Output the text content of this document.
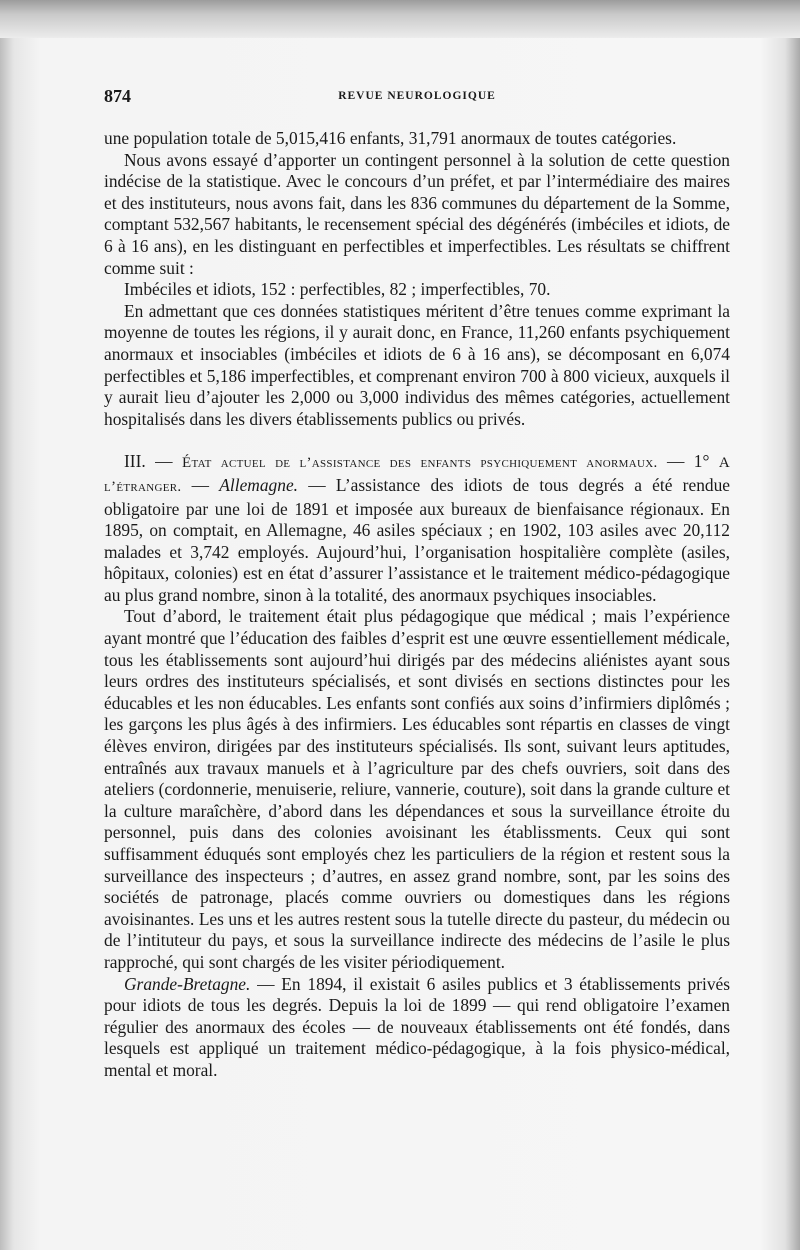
874	REVUE NEUROLOGIQUE

une population totale de 5,015,416 enfants, 31,791 anormaux de toutes catégories.

Nous avons essayé d’apporter un contingent personnel à la solution de cette question indécise de la statistique. Avec le concours d’un préfet, et par l’intermédiaire des maires et des instituteurs, nous avons fait, dans les 836 communes du département de la Somme, comptant 532,567 habitants, le recensement spécial des dégénérés (imbéciles et idiots, de 6 à 16 ans), en les distinguant en perfectibles et imperfectibles. Les résultats se chiffrent comme suit :

Imbéciles et idiots, 152 : perfectibles, 82 ; imperfectibles, 70.

En admettant que ces données statistiques méritent d’être tenues comme exprimant la moyenne de toutes les régions, il y aurait donc, en France, 11,260 enfants psychiquement anormaux et insociables (imbéciles et idiots de 6 à 16 ans), se décomposant en 6,074 perfectibles et 5,186 imperfectibles, et comprenant environ 700 à 800 vicieux, auxquels il y aurait lieu d’ajouter les 2,000 ou 3,000 individus des mêmes catégories, actuellement hospitalisés dans les divers établissements publics ou privés.

III. — État actuel de l’assistance des enfants psychiquement anormaux. — 1° A l’étranger. — Allemagne. — L’assistance des idiots de tous degrés a été rendue obligatoire par une loi de 1891 et imposée aux bureaux de bienfaisance régionaux. En 1895, on comptait, en Allemagne, 46 asiles spéciaux ; en 1902, 103 asiles avec 20,112 malades et 3,742 employés. Aujourd’hui, l’organisation hospitalière complète (asiles, hôpitaux, colonies) est en état d’assurer l’assistance et le traitement médico-pédagogique au plus grand nombre, sinon à la totalité, des anormaux psychiques insociables.

Tout d’abord, le traitement était plus pédagogique que médical ; mais l’expérience ayant montré que l’éducation des faibles d’esprit est une œuvre essentiellement médicale, tous les établissements sont aujourd’hui dirigés par des médecins aliénistes ayant sous leurs ordres des instituteurs spécialisés, et sont divisés en sections distinctes pour les éducables et les non éducables. Les enfants sont confiés aux soins d’infirmiers diplômés ; les garçons les plus âgés à des infirmiers. Les éducables sont répartis en classes de vingt élèves environ, dirigées par des instituteurs spécialisés. Ils sont, suivant leurs aptitudes, entraînés aux travaux manuels et à l’agriculture par des chefs ouvriers, soit dans des ateliers (cordonnerie, menuiserie, reliure, vannerie, couture), soit dans la grande culture et la culture maraîchère, d’abord dans les dépendances et sous la surveillance étroite du personnel, puis dans des colonies avoisinant les établissments. Ceux qui sont suffisamment éduqués sont employés chez les particuliers de la région et restent sous la surveillance des inspecteurs ; d’autres, en assez grand nombre, sont, par les soins des sociétés de patronage, placés comme ouvriers ou domestiques dans les régions avoisinantes. Les uns et les autres restent sous la tutelle directe du pasteur, du médecin ou de l’intituteur du pays, et sous la surveillance indirecte des médecins de l’asile le plus rapproché, qui sont chargés de les visiter périodiquement.

Grande-Bretagne. — En 1894, il existait 6 asiles publics et 3 établissements privés pour idiots de tous les degrés. Depuis la loi de 1899 — qui rend obligatoire l’examen régulier des anormaux des écoles — de nouveaux établissements ont été fondés, dans lesquels est appliqué un traitement médico-pédagogique, à la fois physico-médical, mental et moral.
